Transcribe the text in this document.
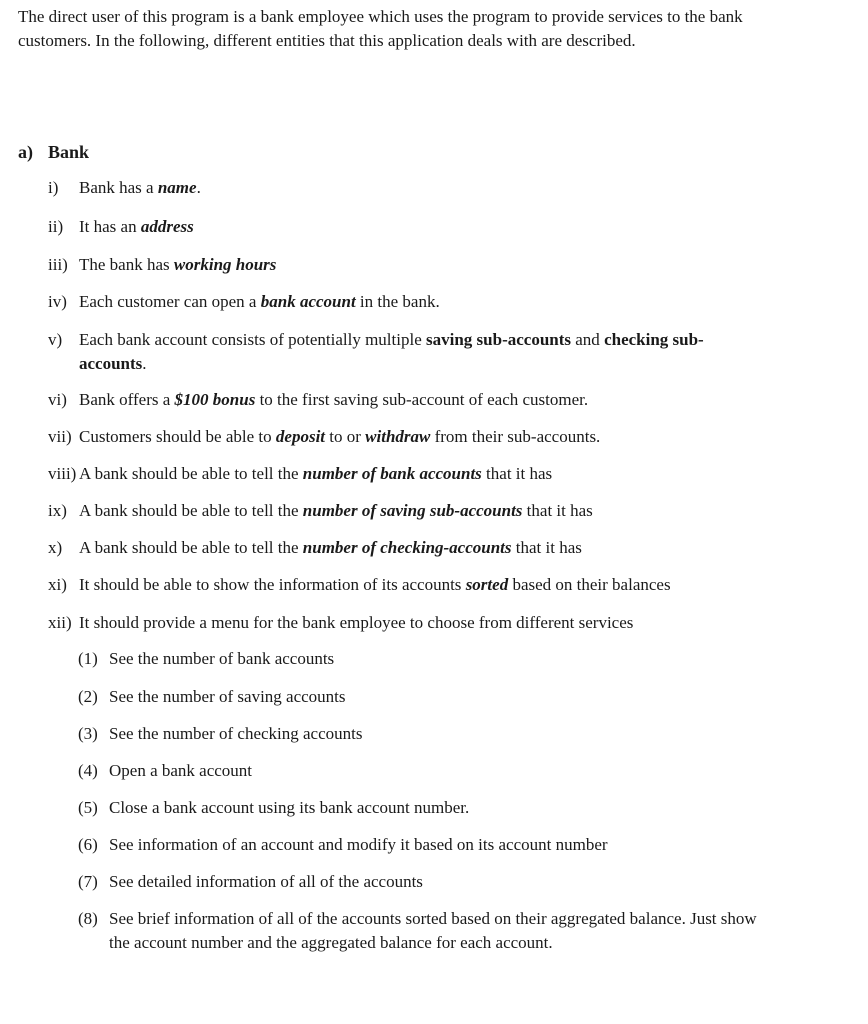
The direct user of this program is a bank employee which uses the program to provide services to the bank customers. In the following, different entities that this application deals with are described.
a) Bank
i) Bank has a name.
ii) It has an address
iii) The bank has working hours
iv) Each customer can open a bank account in the bank.
v) Each bank account consists of potentially multiple saving sub-accounts and checking sub-accounts.
vi) Bank offers a $100 bonus to the first saving sub-account of each customer.
vii) Customers should be able to deposit to or withdraw from their sub-accounts.
viii) A bank should be able to tell the number of bank accounts that it has
ix) A bank should be able to tell the number of saving sub-accounts that it has
x) A bank should be able to tell the number of checking-accounts that it has
xi) It should be able to show the information of its accounts sorted based on their balances
xii) It should provide a menu for the bank employee to choose from different services
(1) See the number of bank accounts
(2) See the number of saving accounts
(3) See the number of checking accounts
(4) Open a bank account
(5) Close a bank account using its bank account number.
(6) See information of an account and modify it based on its account number
(7) See detailed information of all of the accounts
(8) See brief information of all of the accounts sorted based on their aggregated balance. Just show the account number and the aggregated balance for each account.
